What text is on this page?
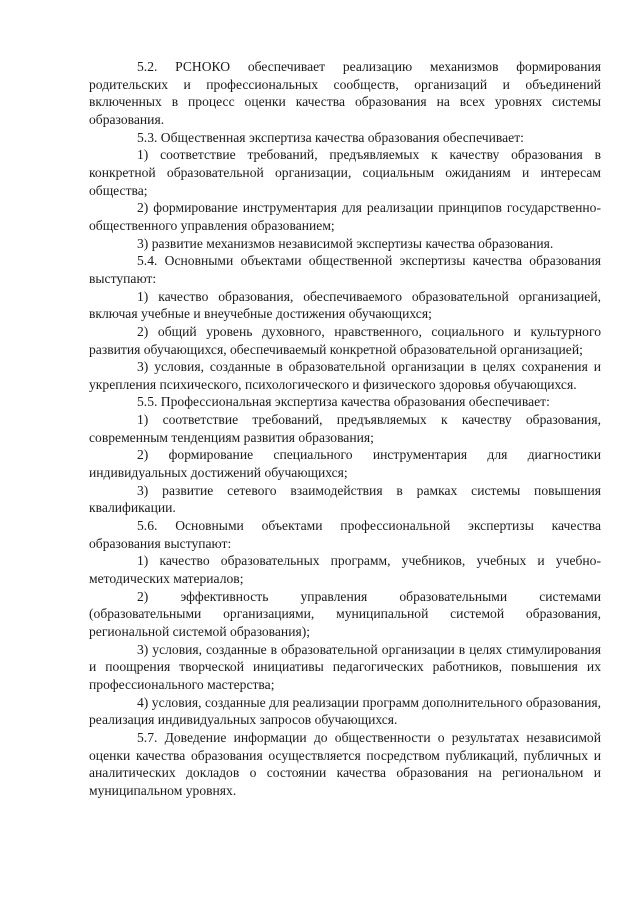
5.2. РСНОКО обеспечивает реализацию механизмов формирования родительских и профессиональных сообществ, организаций и объединений включенных в процесс оценки качества образования на всех уровнях системы образования.

5.3. Общественная экспертиза качества образования обеспечивает:

1) соответствие требований, предъявляемых к качеству образования в конкретной образовательной организации, социальным ожиданиям и интересам общества;

2) формирование инструментария для реализации принципов государственно-общественного управления образованием;

3) развитие механизмов независимой экспертизы качества образования.

5.4. Основными объектами общественной экспертизы качества образования выступают:

1) качество образования, обеспечиваемого образовательной организацией, включая учебные и внеучебные достижения обучающихся;

2) общий уровень духовного, нравственного, социального и культурного развития обучающихся, обеспечиваемый конкретной образовательной организацией;

3) условия, созданные в образовательной организации в целях сохранения и укрепления психического, психологического и физического здоровья обучающихся.

5.5. Профессиональная экспертиза качества образования обеспечивает:

1) соответствие требований, предъявляемых к качеству образования, современным тенденциям развития образования;

2) формирование специального инструментария для диагностики индивидуальных достижений обучающихся;

3) развитие сетевого взаимодействия в рамках системы повышения квалификации.

5.6. Основными объектами профессиональной экспертизы качества образования выступают:

1) качество образовательных программ, учебников, учебных и учебно-методических материалов;

2) эффективность управления образовательными системами (образовательными организациями, муниципальной системой образования, региональной системой образования);

3) условия, созданные в образовательной организации в целях стимулирования и поощрения творческой инициативы педагогических работников, повышения их профессионального мастерства;

4) условия, созданные для реализации программ дополнительного образования, реализация индивидуальных запросов обучающихся.

5.7. Доведение информации до общественности о результатах независимой оценки качества образования осуществляется посредством публикаций, публичных и аналитических докладов о состоянии качества образования на региональном и муниципальном уровнях.
